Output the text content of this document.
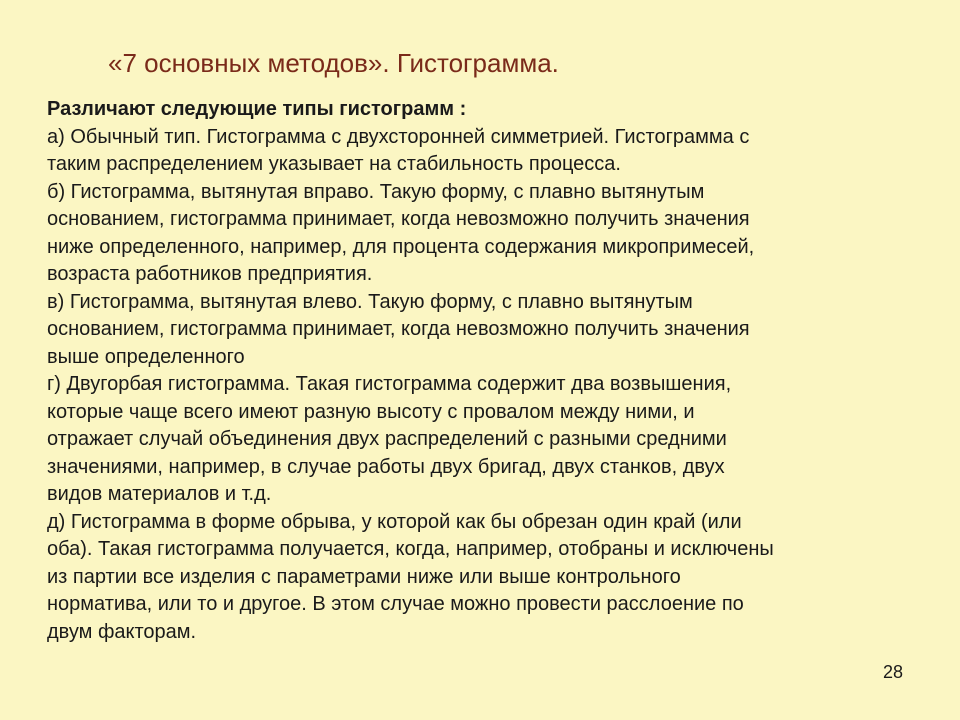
«7 основных методов». Гистограмма.
Различают следующие типы гистограмм :
а) Обычный тип. Гистограмма с двухсторонней симметрией. Гистограмма с
таким распределением указывает на стабильность процесса.
б) Гистограмма, вытянутая вправо. Такую форму, с плавно вытянутым
основанием, гистограмма принимает, когда невозможно получить значения
ниже определенного, например, для процента содержания микропримесей,
возраста работников предприятия.
в) Гистограмма, вытянутая влево. Такую форму, с плавно вытянутым
основанием, гистограмма принимает, когда невозможно получить значения
выше определенного
г) Двугорбая гистограмма. Такая гистограмма содержит два возвышения,
которые чаще всего имеют разную высоту с провалом между ними, и
отражает случай объединения двух распределений с разными средними
значениями, например, в случае работы двух бригад, двух станков, двух
видов материалов и т.д.
д) Гистограмма в форме обрыва, у которой как бы обрезан один край (или
оба). Такая гистограмма получается, когда, например, отобраны и исключены
из партии все изделия с параметрами ниже или выше контрольного
норматива, или то и другое. В этом случае можно провести расслоение по
двум факторам.
28
